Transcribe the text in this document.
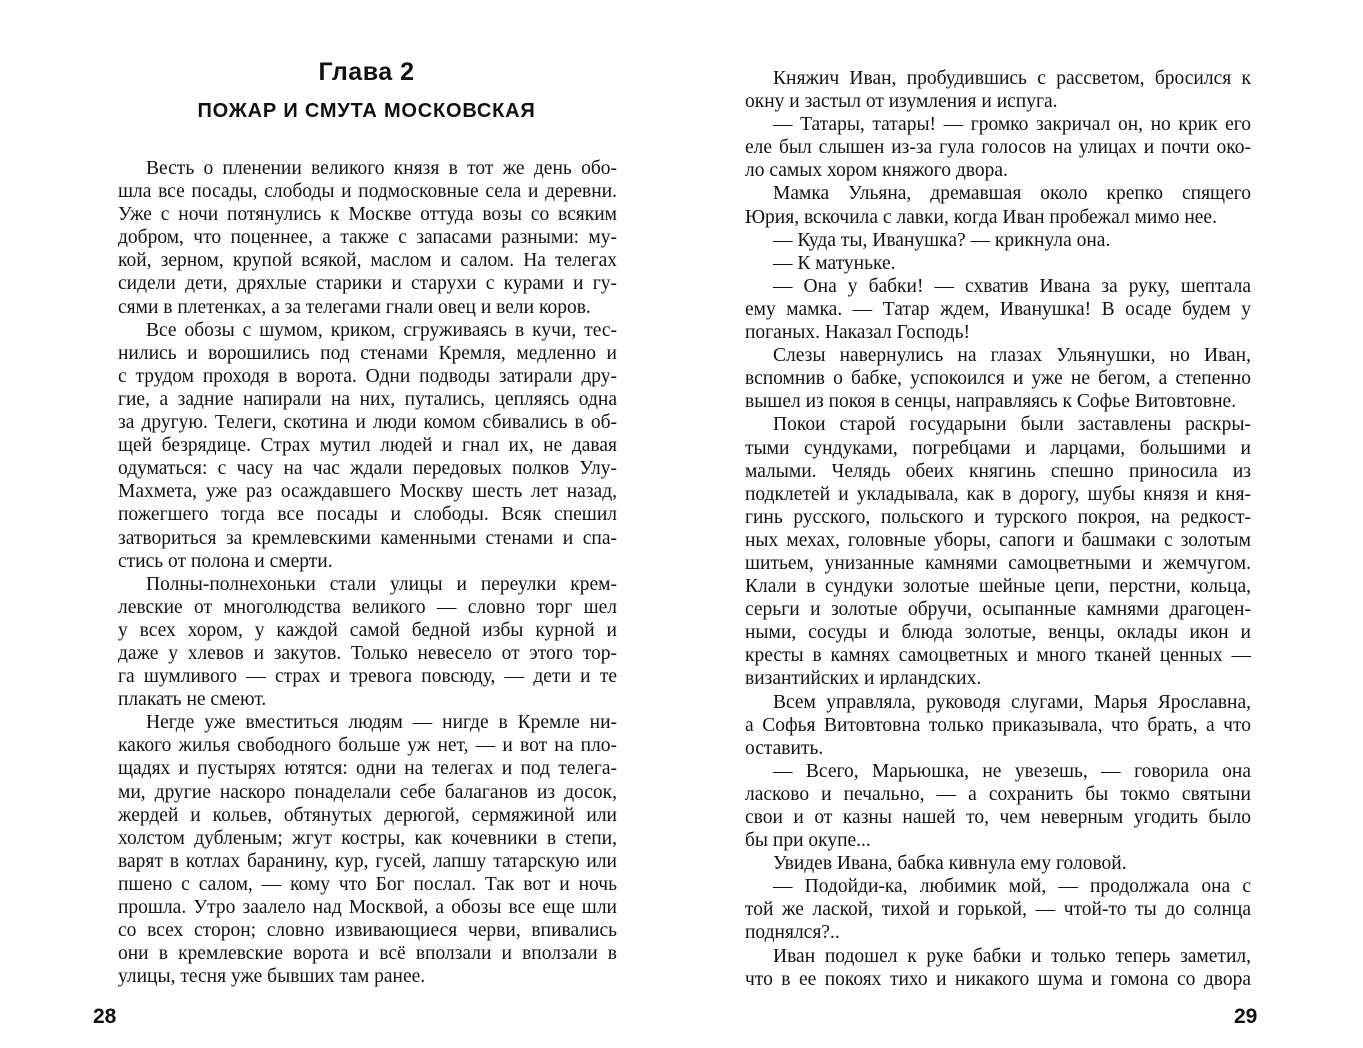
Глава 2
ПОЖАР И СМУТА МОСКОВСКАЯ
Весть о пленении великого князя в тот же день обо-
шла все посады, слободы и подмосковные села и деревни.
Уже с ночи потянулись к Москве оттуда возы со всяким
добром, что поценнее, а также с запасами разными: му-
кой, зерном, крупой всякой, маслом и салом. На телегах
сидели дети, дряхлые старики и старухи с курами и гу-
сями в плетенках, а за телегами гнали овец и вели коров.
Все обозы с шумом, криком, сгруживаясь в кучи, тес-
нились и ворошились под стенами Кремля, медленно и
с трудом проходя в ворота. Одни подводы затирали дру-
гие, а задние напирали на них, путались, цепляясь одна
за другую. Телеги, скотина и люди комом сбивались в об-
щей безрядице. Страх мутил людей и гнал их, не давая
одуматься: с часу на час ждали передовых полков Улу-
Махмета, уже раз осаждавшего Москву шесть лет назад,
пожегшего тогда все посады и слободы. Всяк спешил
затвориться за кремлевскими каменными стенами и спа-
стись от полона и смерти.
Полны-полнехоньки стали улицы и переулки крем-
левские от многолюдства великого — словно торг шел
у всех хором, у каждой самой бедной избы курной и
даже у хлевов и закутов. Только невесело от этого тор-
га шумливого — страх и тревога повсюду, — дети и те
плакать не смеют.
Негде уже вместиться людям — нигде в Кремле ни-
какого жилья свободного больше уж нет, — и вот на пло-
щадях и пустырях ютятся: одни на телегах и под телега-
ми, другие наскоро понаделали себе балаганов из досок,
жердей и кольев, обтянутых дерюгой, сермяжиной или
холстом дубленым; жгут костры, как кочевники в степи,
варят в котлах баранину, кур, гусей, лапшу татарскую или
пшено с салом, — кому что Бог послал. Так вот и ночь
прошла. Утро заалело над Москвой, а обозы все еще шли
со всех сторон; словно извивающиеся черви, впивались
они в кремлевские ворота и всё вползали и вползали в
улицы, тесня уже бывших там ранее.
28
Княжич Иван, пробудившись с рассветом, бросился к
окну и застыл от изумления и испуга.
— Татары, татары! — громко закричал он, но крик его
еле был слышен из-за гула голосов на улицах и почти око-
ло самых хором княжого двора.
Мамка Ульяна, дремавшая около крепко спящего
Юрия, вскочила с лавки, когда Иван пробежал мимо нее.
— Куда ты, Иванушка? — крикнула она.
— К матуньке.
— Она у бабки! — схватив Ивана за руку, шептала
ему мамка. — Татар ждем, Иванушка! В осаде будем у
поганых. Наказал Господь!
Слезы навернулись на глазах Ульянушки, но Иван,
вспомнив о бабке, успокоился и уже не бегом, а степенно
вышел из покоя в сенцы, направляясь к Софье Витовтовне.
Покои старой государыни были заставлены раскры-
тыми сундуками, погребцами и ларцами, большими и
малыми. Челядь обеих княгинь спешно приносила из
подклетей и укладывала, как в дорогу, шубы князя и кня-
гинь русского, польского и турского покроя, на редкост-
ных мехах, головные уборы, сапоги и башмаки с золотым
шитьем, унизанные камнями самоцветными и жемчугом.
Клали в сундуки золотые шейные цепи, перстни, кольца,
серьги и золотые обручи, осыпанные камнями драгоцен-
ными, сосуды и блюда золотые, венцы, оклады икон и
кресты в камнях самоцветных и много тканей ценных —
византийских и ирландских.
Всем управляла, руководя слугами, Марья Ярославна,
а Софья Витовтовна только приказывала, что брать, а что
оставить.
— Всего, Марьюшка, не увезешь, — говорила она
ласково и печально, — а сохранить бы токмо святыни
свои и от казны нашей то, чем неверным угодить было
бы при окупе...
Увидев Ивана, бабка кивнула ему головой.
— Подойди-ка, любимик мой, — продолжала она с
той же лаской, тихой и горькой, — чтой-то ты до солнца
поднялся?..
Иван подошел к руке бабки и только теперь заметил,
что в ее покоях тихо и никакого шума и гомона со двора
29
